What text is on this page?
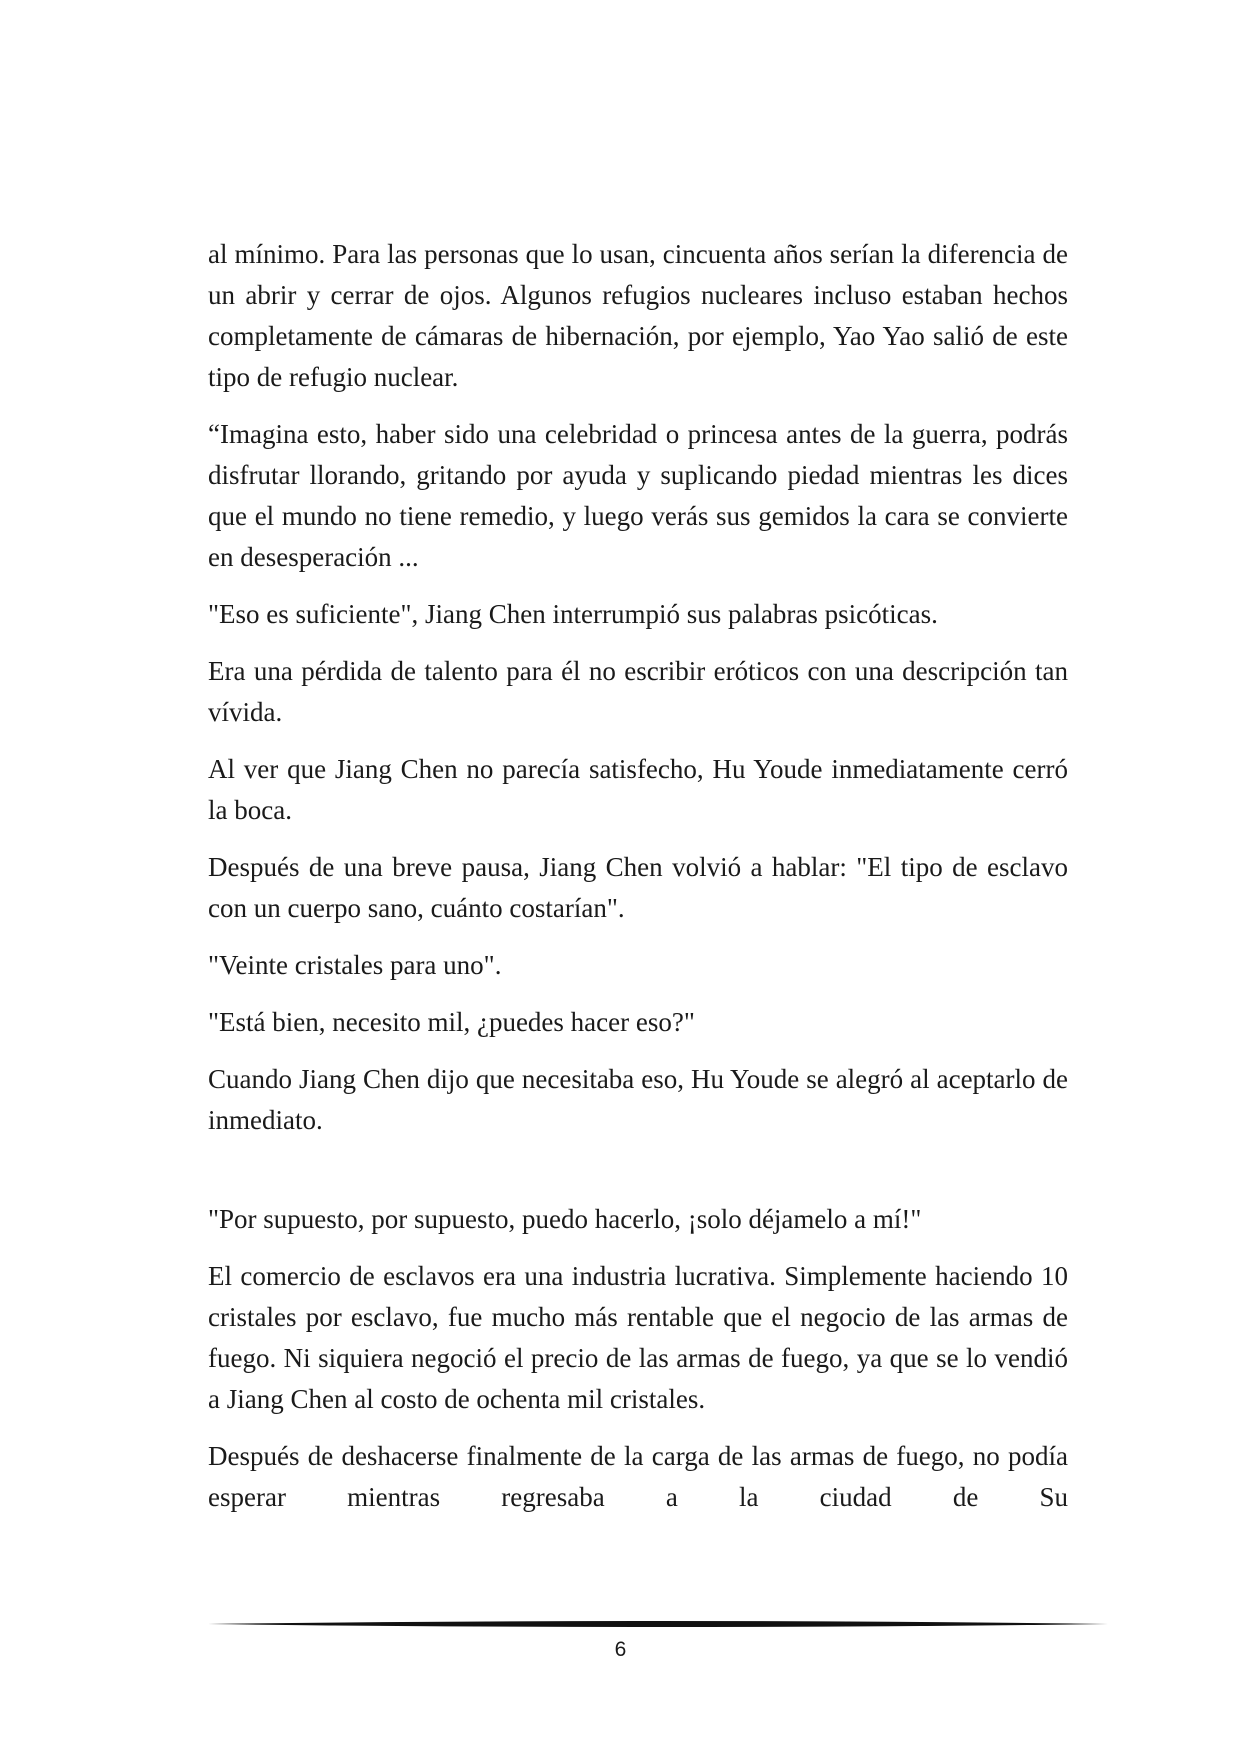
al mínimo. Para las personas que lo usan, cincuenta años serían la diferencia de un abrir y cerrar de ojos. Algunos refugios nucleares incluso estaban hechos completamente de cámaras de hibernación, por ejemplo, Yao Yao salió de este tipo de refugio nuclear.

“Imagina esto, haber sido una celebridad o princesa antes de la guerra, podrás disfrutar llorando, gritando por ayuda y suplicando piedad mientras les dices que el mundo no tiene remedio, y luego verás sus gemidos la cara se convierte en desesperación ...

"Eso es suficiente", Jiang Chen interrumpió sus palabras psicóticas.

Era una pérdida de talento para él no escribir eróticos con una descripción tan vívida.

Al ver que Jiang Chen no parecía satisfecho, Hu Youde inmediatamente cerró la boca.

Después de una breve pausa, Jiang Chen volvió a hablar: "El tipo de esclavo con un cuerpo sano, cuánto costarían".

"Veinte cristales para uno".

"Está bien, necesito mil, ¿puedes hacer eso?"

Cuando Jiang Chen dijo que necesitaba eso, Hu Youde se alegró al aceptarlo de inmediato.

"Por supuesto, por supuesto, puedo hacerlo, ¡solo déjamelo a mí!"

El comercio de esclavos era una industria lucrativa. Simplemente haciendo 10 cristales por esclavo, fue mucho más rentable que el negocio de las armas de fuego. Ni siquiera negoció el precio de las armas de fuego, ya que se lo vendió a Jiang Chen al costo de ochenta mil cristales.

Después de deshacerse finalmente de la carga de las armas de fuego, no podía esperar mientras regresaba a la ciudad de Su

6
